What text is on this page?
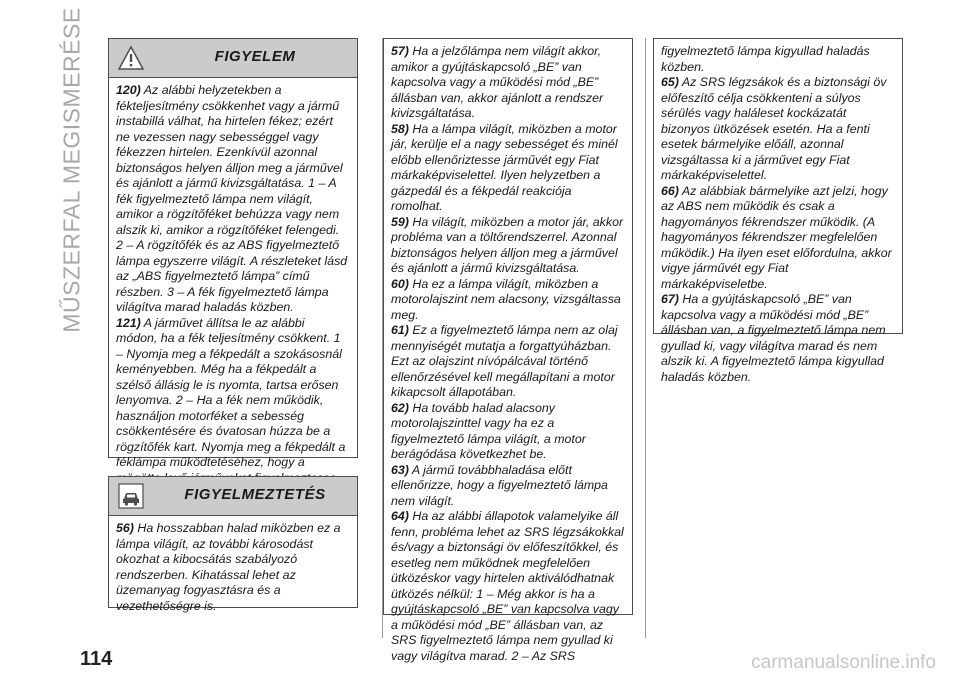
MŰSZERFAL MEGISMERÉSE	FIGYELEM

120) Az alábbi helyzetekben a féktelјesítmény csökkenhet vagy a jármű instabillá válhat, ha hirtelen fékez; ezért ne vezessen nagy sebességgel vagy fékezzen hirtelen. Ezenkívül azonnal biztonságos helyen álljon meg a járművel és ajánlott a jármű kivizsgáltatása. 1 – A fék figyelmeztető lámpa nem világít, amikor a rögzítőféket behúzza vagy nem alszik ki, amikor a rögzítőféket felengedi. 2 – A rögzítőfék és az ABS figyelmeztető lámpa egyszerre világít. A részleteket lásd az „ABS figyelmeztető lámpa” című részben. 3 – A fék figyelmeztető lámpa világítva marad haladás közben.

121) A járművet állítsa le az alábbi módon, ha a fék teljesítmény csökkent. 1 – Nyomja meg a fékpedált a szokásosnál keményebben. Még ha a fékpedált a szélső állásig le is nyomta, tartsa erősen lenyomva. 2 – Ha a fék nem működik, használjon motorféket a sebesség csökkentésére és óvatosan húzza be a rögzítőfék kart. Nyomja meg a fékpedált a féklámpa működtetéséhez, hogy a

FIGYELMEZTETÉS

56) Ha hosszabban halad miközben ez a lámpa világít, az további károsodást okozhat a kibocsátás szabályozó rendszerben. Kihatással lehet az üzemanyag fogyasztásra és a vezethetőségre is.

57) Ha a jelzőlámpa nem világít akkor, amikor a gyújtáskapcsoló „BE” van kapcsolva vagy a működési mód „BE” állásban van, akkor ajánlott a rendszer kivizsgáltatása.

58) Ha a lámpa világít, miközben a motor jár, kerülje el a nagy sebességet és minél előbb ellenőriztesse járművét egy Fiat márkaképviselettel. Ilyen helyzetben a gázpedál és a fékpedál reakciója romolhat.

59) Ha világít, miközben a motor jár, akkor probléma van a töltőrendszerrel. Azonnal biztonságos helyen álljon meg a járművel és ajánlott a jármű kivizsgáltatása.

60) Ha ez a lámpa világít, miközben a motorolajszint nem alacsony, vizsgáltassa meg.

61) Ez a figyelmeztető lámpa nem az olaj mennyiségét mutatja a forgattyúházban. Ezt az olajszint nívópálcával történő ellenőrzésével kell megállapítani a motor kikapcsolt állapotában.

62) Ha tovább halad alacsony motorolajszinttel vagy ha ez a figyelmeztető lámpa világít, a motor berágódása következhet be.

63) A jármű továbbhaladása előtt ellenőrizze, hogy a figyelmeztető lámpa nem világít.

64) Ha az alábbi állapotok valamelyike áll fenn, probléma lehet az SRS légzsákokkal és/vagy a biztonsági öv előfeszítőkkel, és esetleg nem működnek megfelelően ütközéskor vagy hirtelen aktiválódhatnak ütközés nélkül: 1 – Még akkor is ha a gyújtáskapcsoló „BE” van kapcsolva vagy a működési mód „BE” állásban van, az SRS figyelmeztető lámpa nem gyullad ki vagy világítva marad. 2 – Az SRS

figyelmeztető lámpa kigyullad haladás közben.

65) Az SRS légzsákok és a biztonsági öv előfeszítő célja csökkenteni a súlyos sérülés vagy haláleset kockázatát bizonyos ütközések esetén. Ha a fenti esetek bármelyike előáll, azonnal vizsgáltassa ki a járművet egy Fiat márkaképviselettel.

66) Az alábbiak bármelyike azt jelzi, hogy az ABS nem működik és csak a hagyományos fékrendszer működik. (A hagyományos fékrendszer megfelelően működik.) Ha ilyen eset előfordulna, akkor vigye járművét egy Fiat márkaképviseletbe.

67) Ha a gyújtáskapcsoló „BE” van kapcsolva vagy a működési mód „BE” állásban van, a figyelmeztető lámpa nem gyullad ki, vagy világítva marad és nem alszik ki. A figyelmeztető lámpa kigyullad haladás közben.

114	carmanualsonline.info
